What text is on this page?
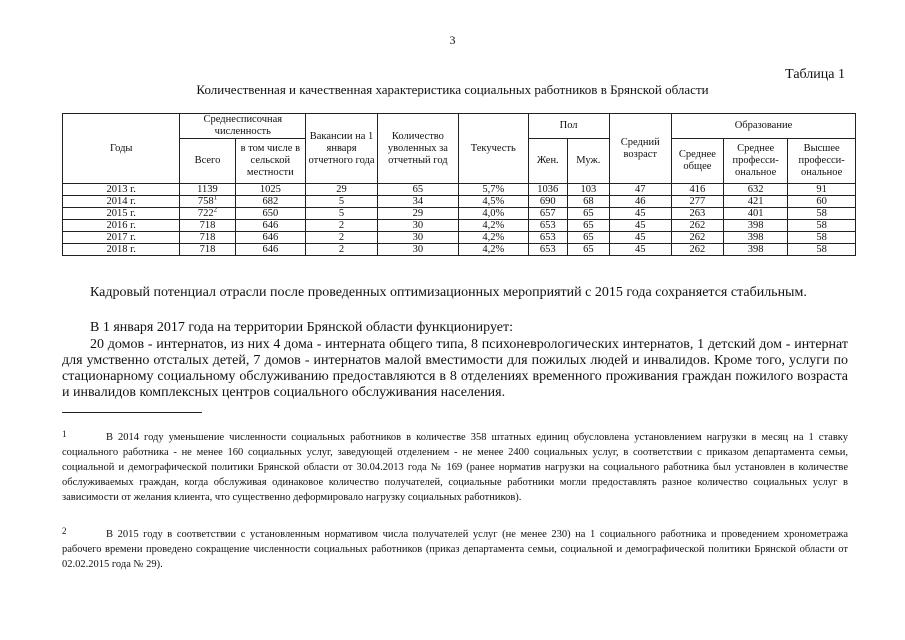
3
Таблица 1
Количественная и качественная характеристика социальных работников в Брянской области
Годы	Среднесписочная численность		Вакансии на 1 января отчетного года	Количество уволенных за отчетный год	Текучесть	Пол		Средний возраст	Образование		
	Всего	в том числе в сельской местности				Жен.	Муж.		Среднее общее	Среднее професси-ональное	Высшее професси-ональное
2013 г.	1139	1025	29	65	5,7%	1036	103	47	416	632	91
2014 г.	$758^1$	682	5	34	4,5%	690	68	46	277	421	60
2015 г.	$722^2$	650	5	29	4,0%	657	65	45	263	401	58
2016 г.	718	646	2	30	4,2%	653	65	45	262	398	58
2017 г.	718	646	2	30	4,2%	653	65	45	262	398	58
2018 г.	718	646	2	30	4,2%	653	65	45	262	398	58
Кадровый потенциал отрасли после проведенных оптимизационных мероприятий с 2015 года сохраняется стабильным.
В 1 января 2017 года на территории Брянской области функционирует:
20 домов - интернатов, из них 4 дома - интерната общего типа, 8 психоневрологических интернатов, 1 детский дом - интернат для умственно отсталых детей, 7 домов - интернатов малой вместимости для пожилых людей и инвалидов. Кроме того, услуги по стационарному социальному обслуживанию предоставляются в 8 отделениях временного проживания граждан пожилого возраста и инвалидов комплексных центров социального обслуживания населения.
1	В 2014 году уменьшение численности социальных работников в количестве 358 штатных единиц обусловлена установлением нагрузки в месяц на 1 ставку социального работника - не менее 160 социальных услуг, заведующей отделением - не менее 2400 социальных услуг, в соответствии с приказом департамента семьи, социальной и демографической политики Брянской области от 30.04.2013 года № 169 (ранее норматив нагрузки на социального работника был установлен в количестве обслуживаемых граждан, когда обслуживая одинаковое количество получателей, социальные работники могли предоставлять разное количество социальных услуг в зависимости от желания клиента, что существенно деформировало нагрузку социальных работников).
2	В 2015 году в соответствии с установленным нормативом числа получателей услуг (не менее 230) на 1 социального работника и проведением хронометража рабочего времени проведено сокращение численности социальных работников (приказ департамента семьи, социальной и демографической политики Брянской области от 02.02.2015 года № 29).
